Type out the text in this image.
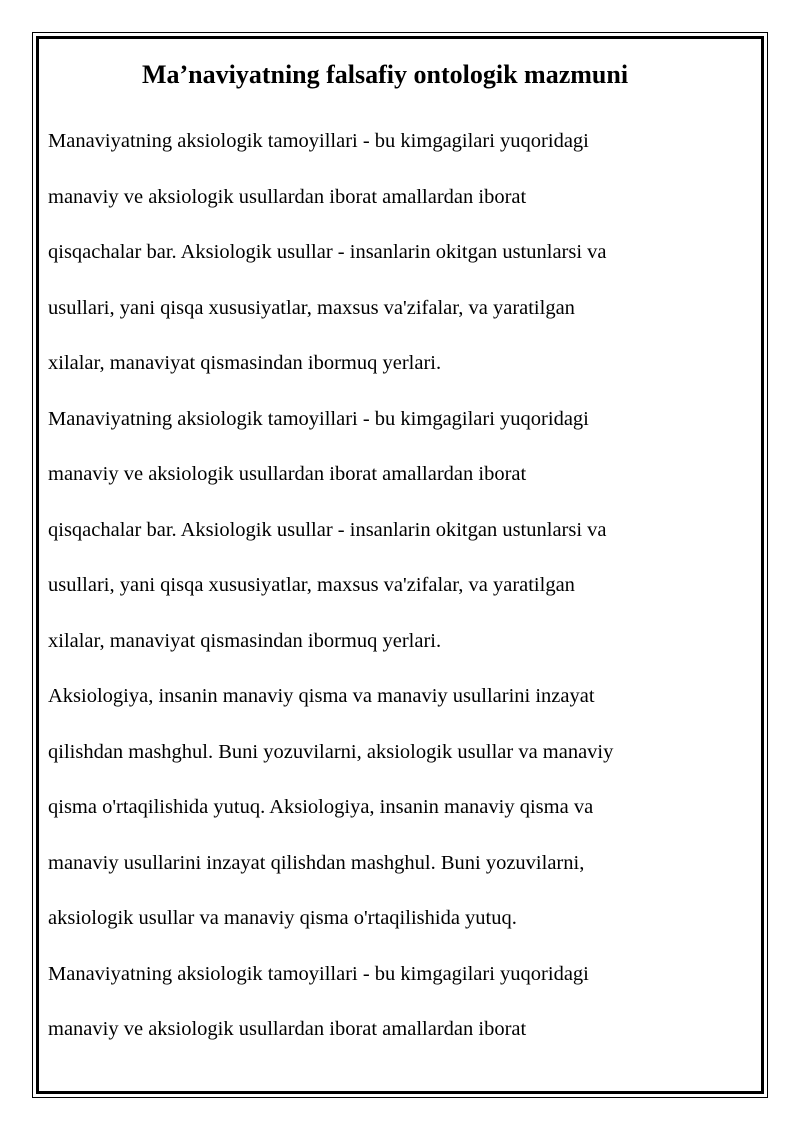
Ma’naviyatning falsafiy ontologik mazmuni
Manaviyatning aksiologik tamoyillari - bu kimgagilari yuqoridagi
manaviy ve aksiologik usullardan iborat amallardan iborat
qisqachalar bar. Aksiologik usullar - insanlarin okitgan ustunlarsi va
usullari, yani qisqa xususiyatlar, maxsus va'zifalar, va yaratilgan
xilalar, manaviyat qismasindan ibormuq yerlari.
Manaviyatning aksiologik tamoyillari - bu kimgagilari yuqoridagi
manaviy ve aksiologik usullardan iborat amallardan iborat
qisqachalar bar. Aksiologik usullar - insanlarin okitgan ustunlarsi va
usullari, yani qisqa xususiyatlar, maxsus va'zifalar, va yaratilgan
xilalar, manaviyat qismasindan ibormuq yerlari.
Aksiologiya, insanin manaviy qisma va manaviy usullarini inzayat
qilishdan mashghul. Buni yozuvilarni, aksiologik usullar va manaviy
qisma o'rtaqilishida yutuq. Aksiologiya, insanin manaviy qisma va
manaviy usullarini inzayat qilishdan mashghul. Buni yozuvilarni,
aksiologik usullar va manaviy qisma o'rtaqilishida yutuq.
Manaviyatning aksiologik tamoyillari - bu kimgagilari yuqoridagi
manaviy ve aksiologik usullardan iborat amallardan iborat
